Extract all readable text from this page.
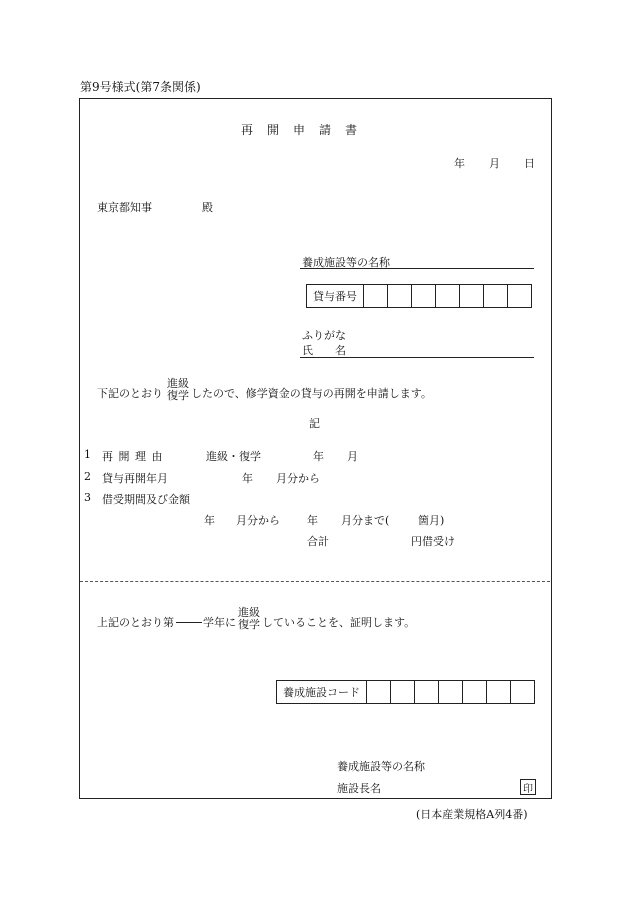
第9号様式(第7条関係)
再　開　申　請　書
年 月 日
東京都知事	殿
養成施設等の名称
貸与番号
ふりがな
氏　　名
下記のとおり
進級
復学 したので、修学資金の貸与の再開を申請します。
記
1 再 開 理 由	進級・復学	年 月
2 貸与再開年月	年 月分から
3 借受期間及び金額
年 月分から 年 月分まで(	箇月)
合計	円借受け
上記のとおり第	学年に
進級
復学 していることを、証明します。
養成施設コード
養成施設等の名称
施設長名	印
(日本産業規格A列4番)
